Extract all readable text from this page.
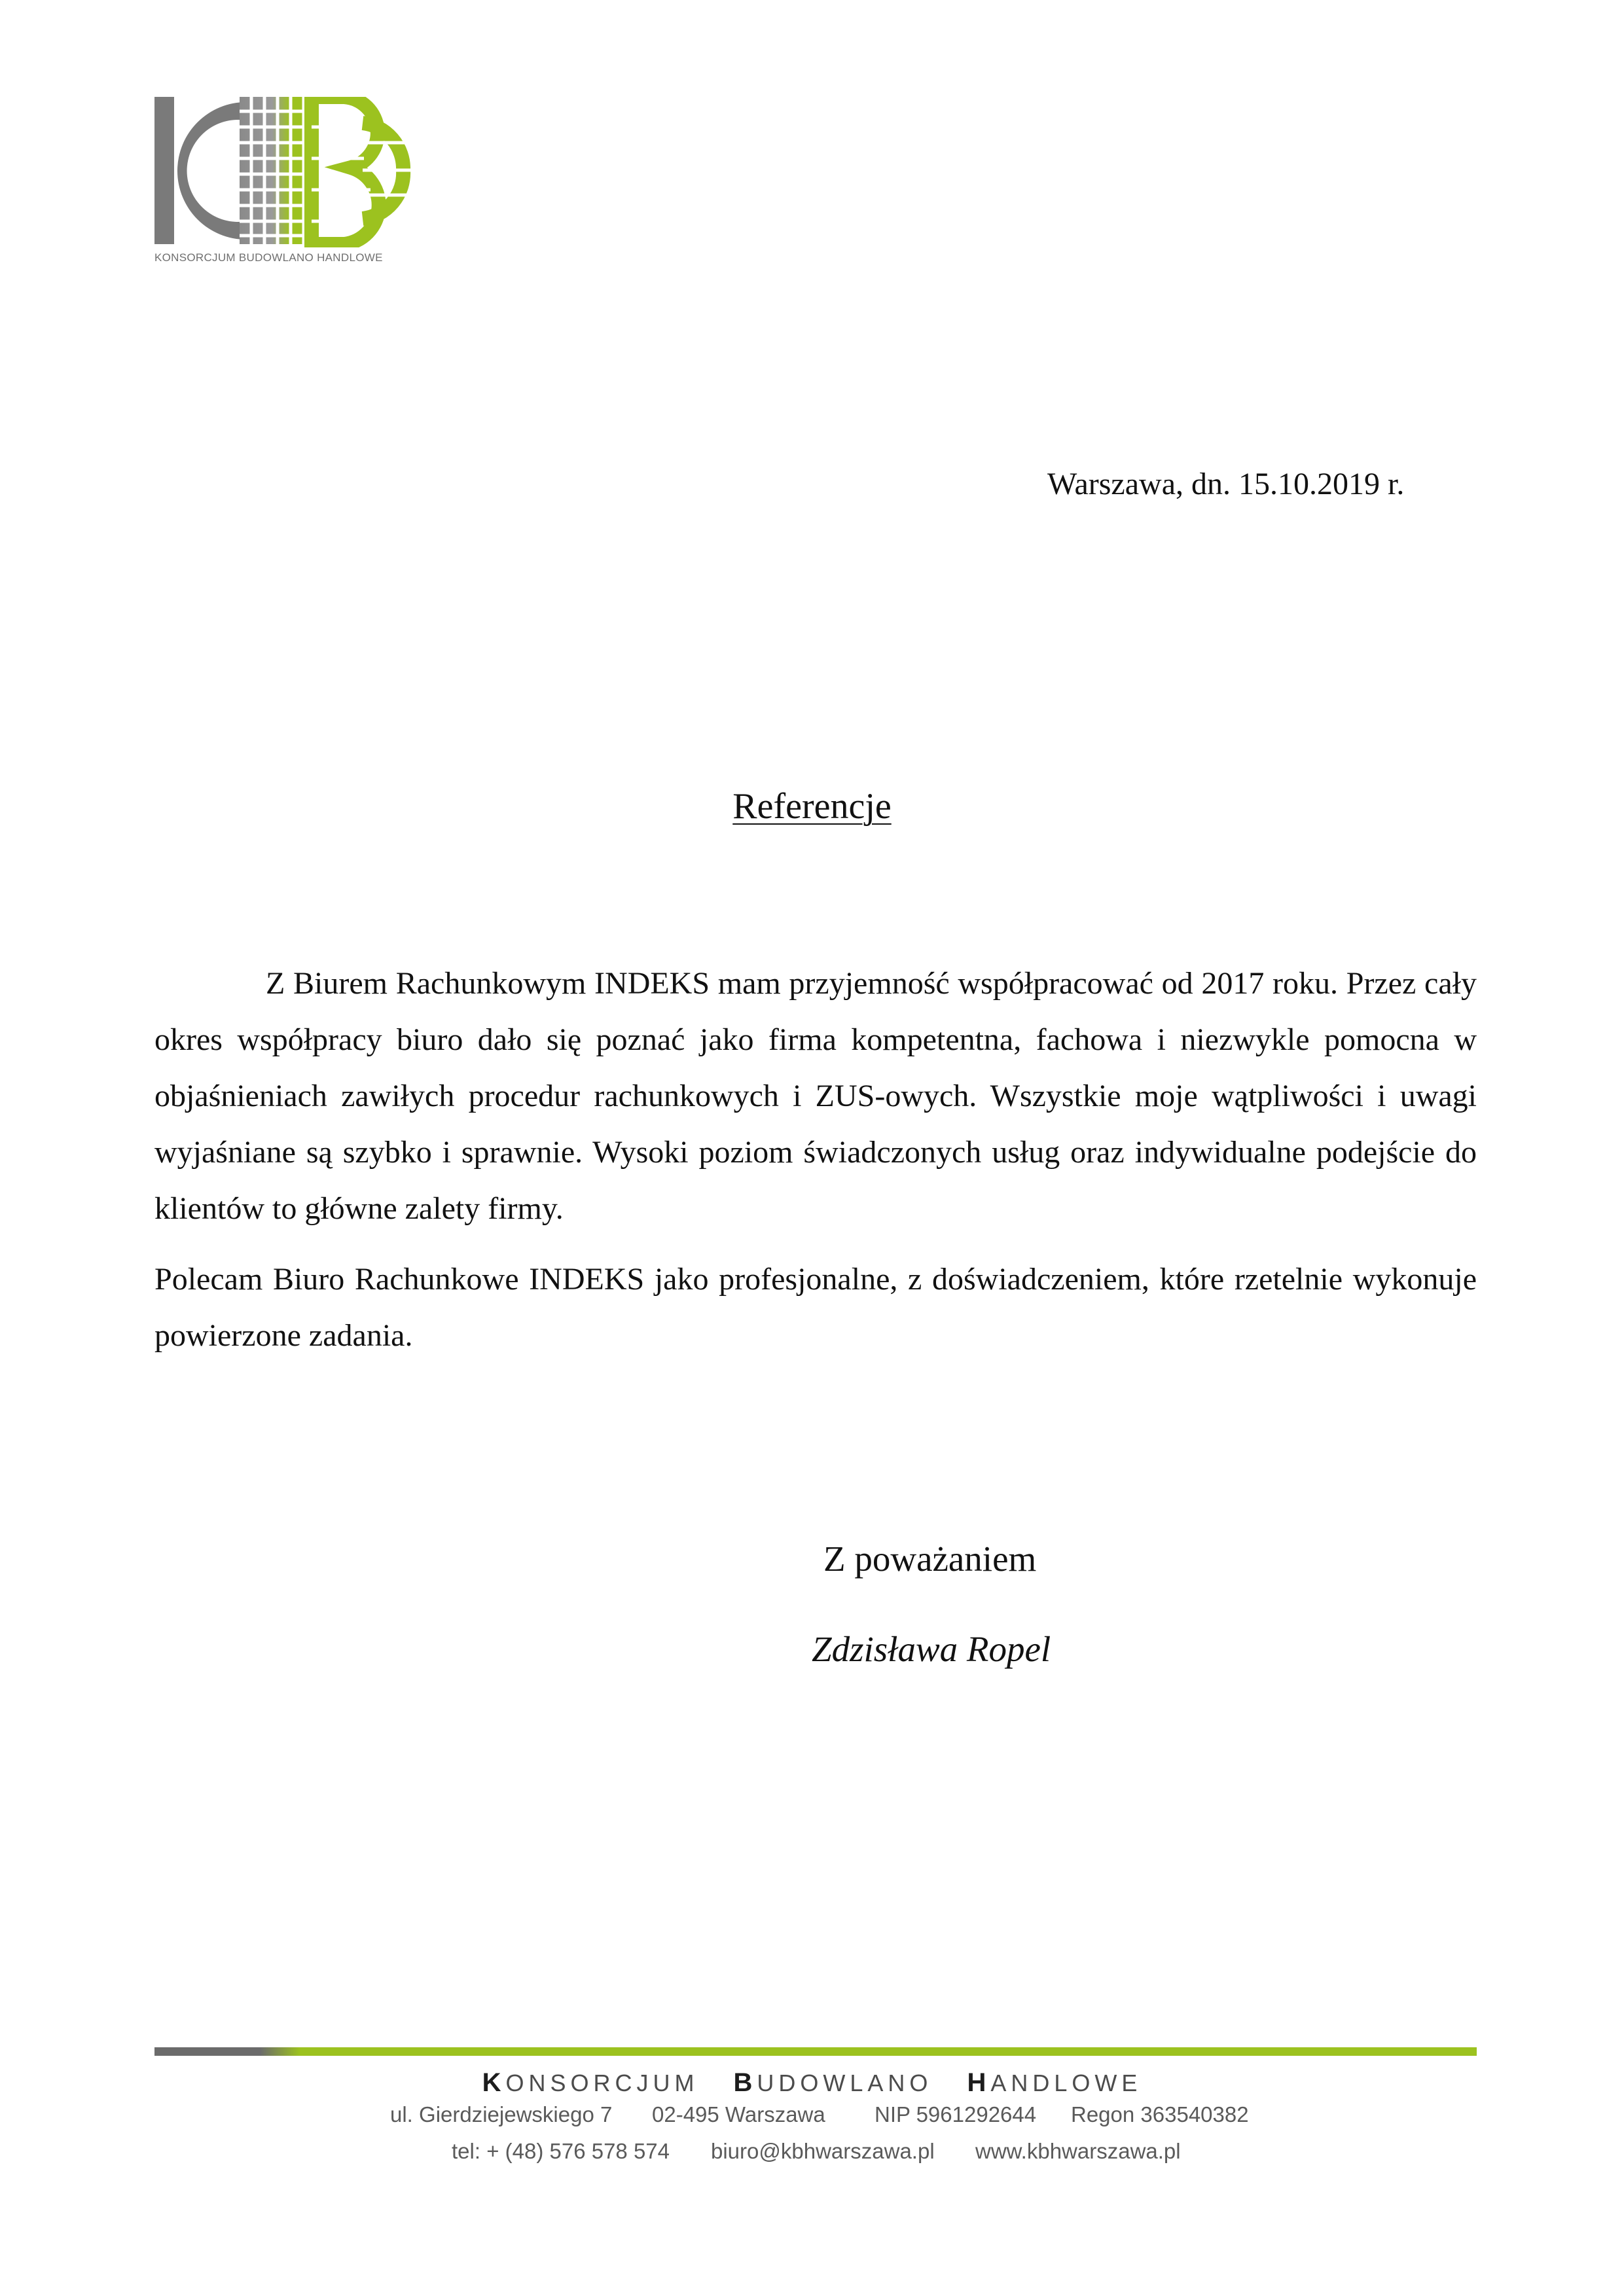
KONSORCJUM BUDOWLANO HANDLOWE
Warszawa, dn. 15.10.2019 r.
Referencje

Z Biurem Rachunkowym INDEKS mam przyjemność współpracować od 2017 roku. Przez cały okres współpracy biuro dało się poznać jako firma kompetentna, fachowa i niezwykle pomocna w objaśnieniach zawiłych procedur rachunkowych i ZUS-owych. Wszystkie moje wątpliwości i uwagi wyjaśniane są szybko i sprawnie. Wysoki poziom świadczonych usług oraz indywidualne podejście do klientów to główne zalety firmy.

Polecam Biuro Rachunkowe INDEKS jako profesjonalne, z doświadczeniem, które rzetelnie wykonuje powierzone zadania.

Z poważaniem
Zdzisława Ropel
KONSORCJUM BUDOWLANO HANDLOWE
ul. Gierdziejewskiego 7 02-495 Warszawa NIP 5961292644 Regon 363540382
tel: + (48) 576 578 574 biuro@kbhwarszawa.pl www.kbhwarszawa.pl
